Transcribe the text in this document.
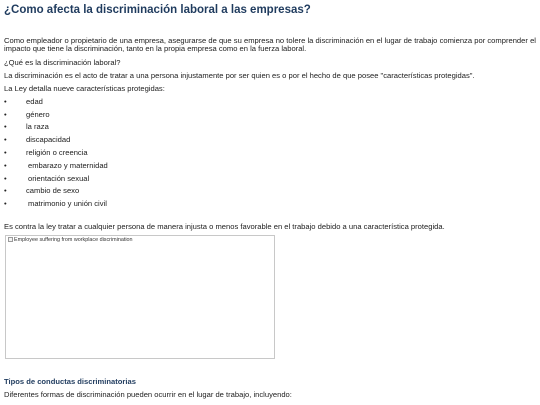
¿Como afecta la discriminación laboral a las empresas?

Como empleador o propietario de una empresa, asegurarse de que su empresa no tolere la discriminación en el lugar de trabajo comienza por comprender el impacto que tiene la discriminación, tanto en la propia empresa como en la fuerza laboral.

¿Qué es la discriminación laboral?

La discriminación es el acto de tratar a una persona injustamente por ser quien es o por el hecho de que posee "características protegidas".

La Ley detalla nueve características protegidas:

•	edad
•	género
•	la raza
•	discapacidad
•	religión o creencia
•	embarazo y maternidad
•	orientación sexual
•	cambio de sexo
•	matrimonio y unión civil

Es contra la ley tratar a cualquier persona de manera injusta o menos favorable en el trabajo debido a una característica protegida.

Employee suffering from workplace discrimination
Tipos de conductas discriminatorias

Diferentes formas de discriminación pueden ocurrir en el lugar de trabajo, incluyendo:
